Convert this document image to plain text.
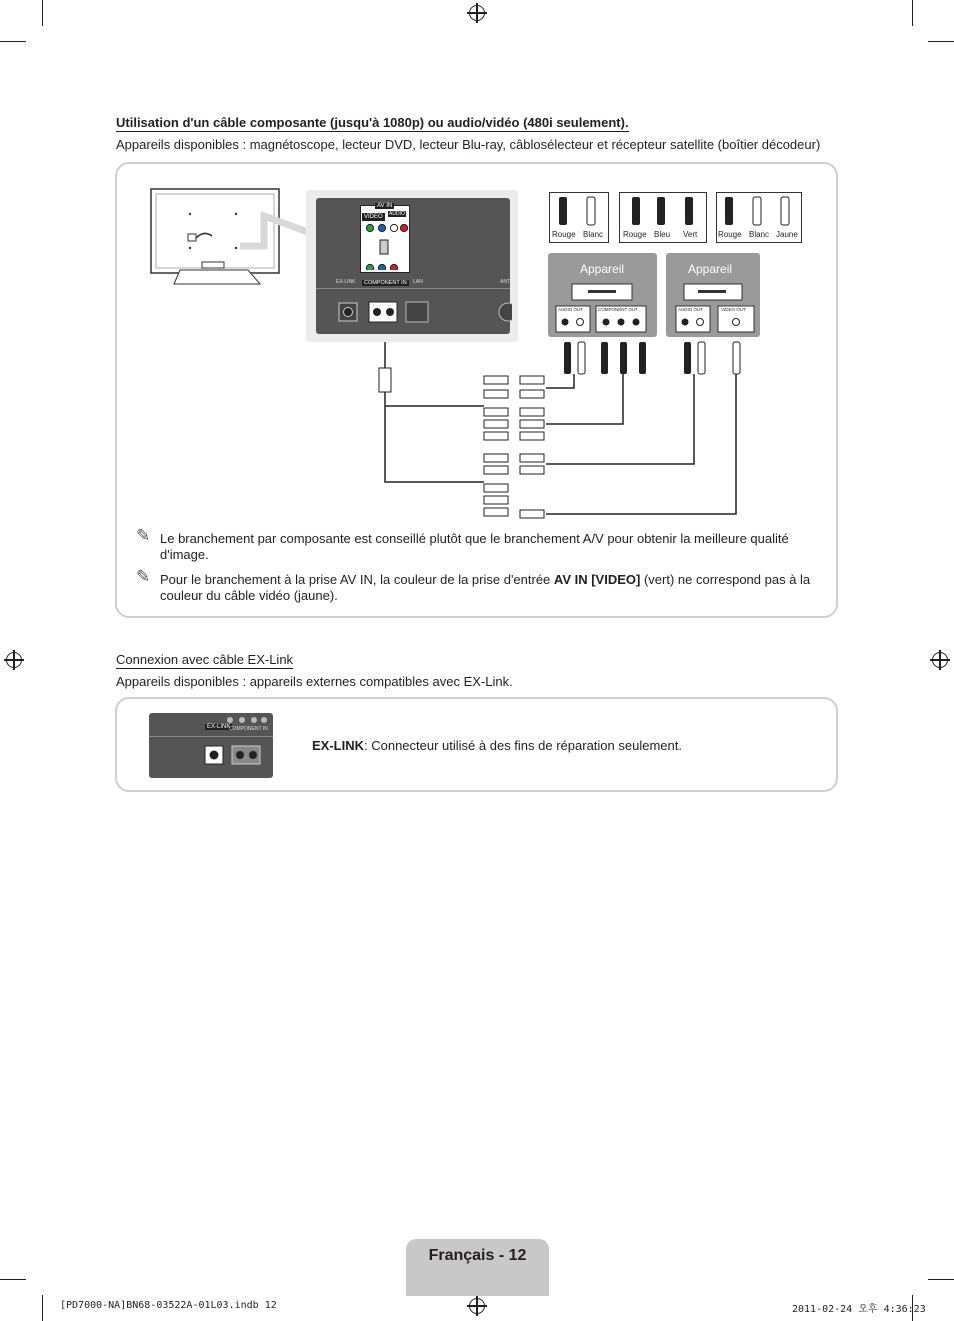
Utilisation d'un câble composante (jusqu'à 1080p) ou audio/vidéo (480i seulement).
Appareils disponibles : magnétoscope, lecteur DVD, lecteur Blu-ray, câblosélecteur et récepteur satellite (boîtier décodeur)
AV IN
VIDEO	AUDIO
COMPONENT IN
EX-LINK	LAN	ANT
Rouge Blanc Rouge Bleu Vert	Rouge Blanc Jaune
Appareil	Appareil
AUDIO OUT	COMPONENT OUT	AUDIO OUT	VIDEO OUT
✎ Le branchement par composante est conseillé plutôt que le branchement A/V pour obtenir la meilleure qualité d'image.
✎ Pour le branchement à la prise AV IN, la couleur de la prise d'entrée AV IN [VIDEO] (vert) ne correspond pas à la couleur du câble vidéo (jaune).
Connexion avec câble EX-Link
Appareils disponibles : appareils externes compatibles avec EX-Link.
EX-LINK
COMPONENT IN
EX-LINK: Connecteur utilisé à des fins de réparation seulement.
Français - 12
[PD7000-NA]BN68-03522A-01L03.indb 12	2011-02-24 오후 4:36:23
